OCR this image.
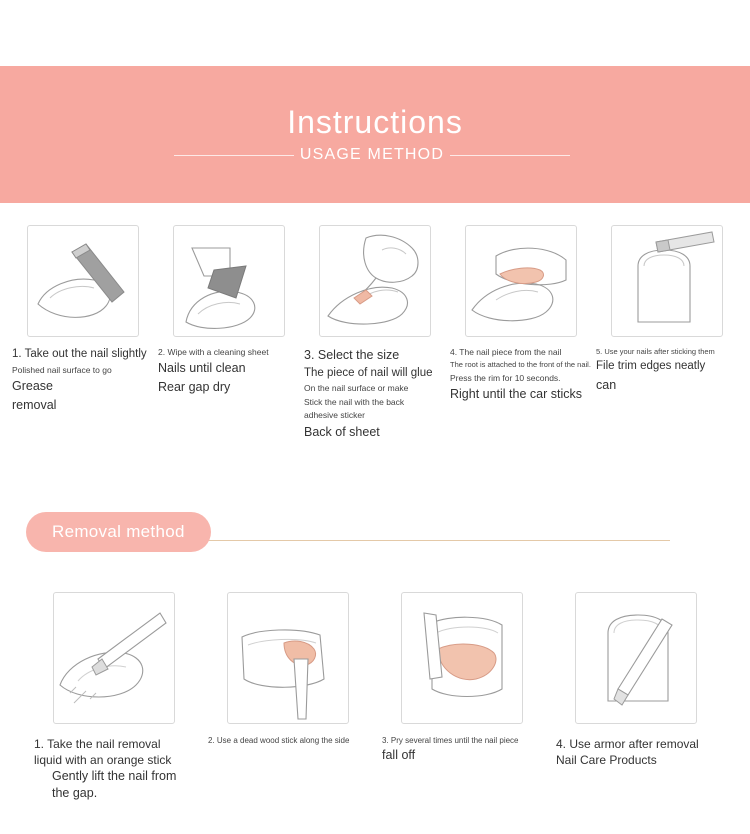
Instructions
USAGE METHOD
1. Take out the nail slightly
Polished nail surface to go
Grease
removal
2. Wipe with a cleaning sheet
Nails until clean
Rear gap dry
3. Select the size
The piece of nail will glue
On the nail surface or make
Stick the nail with the back
adhesive sticker
Back of sheet
4. The nail piece from the nail
The root is attached to the front of the nail.
Press the rim for 10 seconds.
Right until the car sticks
5. Use your nails after sticking them
File trim edges neatly
can
Removal method
1. Take the nail removal
liquid with an orange stick
Gently lift the nail from the gap.
2. Use a dead wood stick along the side	3. Pry several times until the nail piece
fall off
4. Use armor after removal
Nail Care Products
